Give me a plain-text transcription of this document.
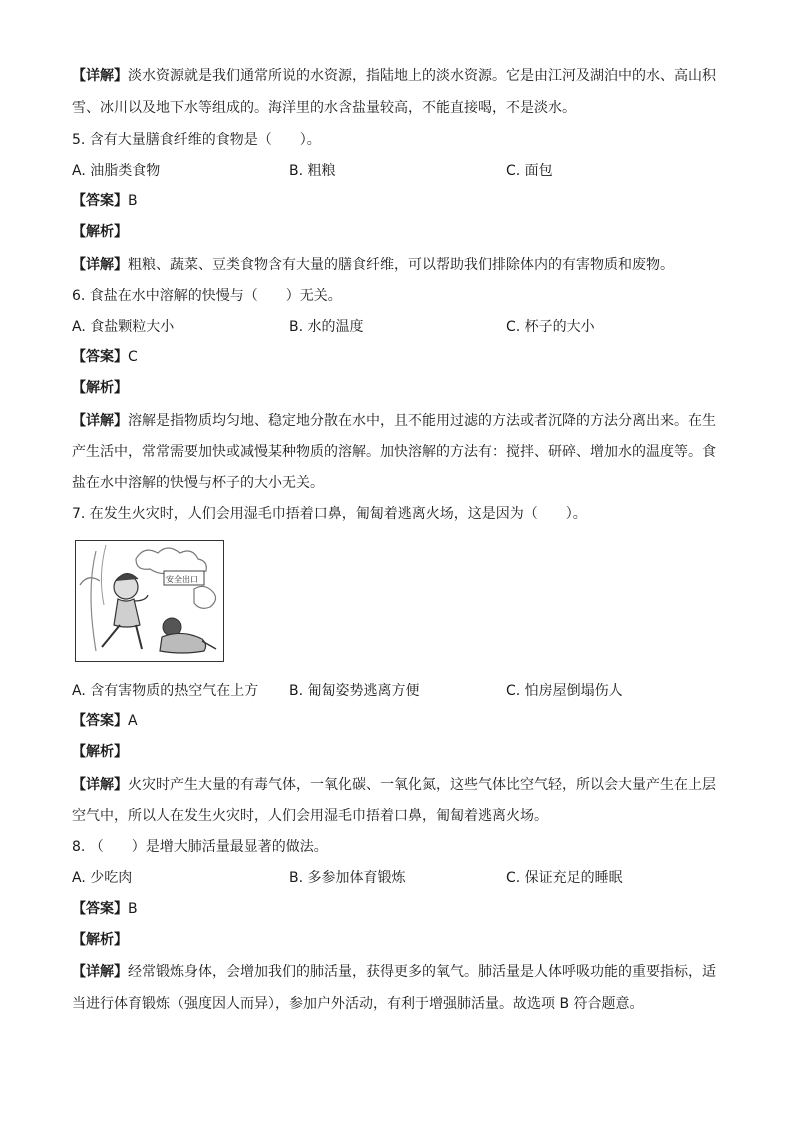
【详解】淡水资源就是我们通常所说的水资源，指陆地上的淡水资源。它是由江河及湖泊中的水、高山积
雪、冰川以及地下水等组成的。海洋里的水含盐量较高，不能直接喝，不是淡水。
5. 含有大量膳食纤维的食物是（　　）。
A. 油脂类食物	B. 粗粮	C. 面包
【答案】B
【解析】
【详解】粗粮、蔬菜、豆类食物含有大量的膳食纤维，可以帮助我们排除体内的有害物质和废物。
6. 食盐在水中溶解的快慢与（　　）无关。
A. 食盐颗粒大小	B. 水的温度	C. 杯子的大小
【答案】C
【解析】
【详解】溶解是指物质均匀地、稳定地分散在水中，且不能用过滤的方法或者沉降的方法分离出来。在生
产生活中，常常需要加快或减慢某种物质的溶解。加快溶解的方法有：搅拌、研碎、增加水的温度等。食
盐在水中溶解的快慢与杯子的大小无关。
7. 在发生火灾时，人们会用湿毛巾捂着口鼻，匍匐着逃离火场，这是因为（　　）。
安全出口
A. 含有害物质的热空气在上方 B. 匍匐姿势逃离方便	C. 怕房屋倒塌伤人
【答案】A
【解析】
【详解】火灾时产生大量的有毒气体，一氧化碳、一氧化氮，这些气体比空气轻，所以会大量产生在上层
空气中，所以人在发生火灾时，人们会用湿毛巾捂着口鼻，匍匐着逃离火场。
8. （　　）是增大肺活量最显著的做法。
A. 少吃肉	B. 多参加体育锻炼	C. 保证充足的睡眠
【答案】B
【解析】
【详解】经常锻炼身体，会增加我们的肺活量，获得更多的氧气。肺活量是人体呼吸功能的重要指标，适
当进行体育锻炼（强度因人而异），参加户外活动，有利于增强肺活量。故选项 B 符合题意。
